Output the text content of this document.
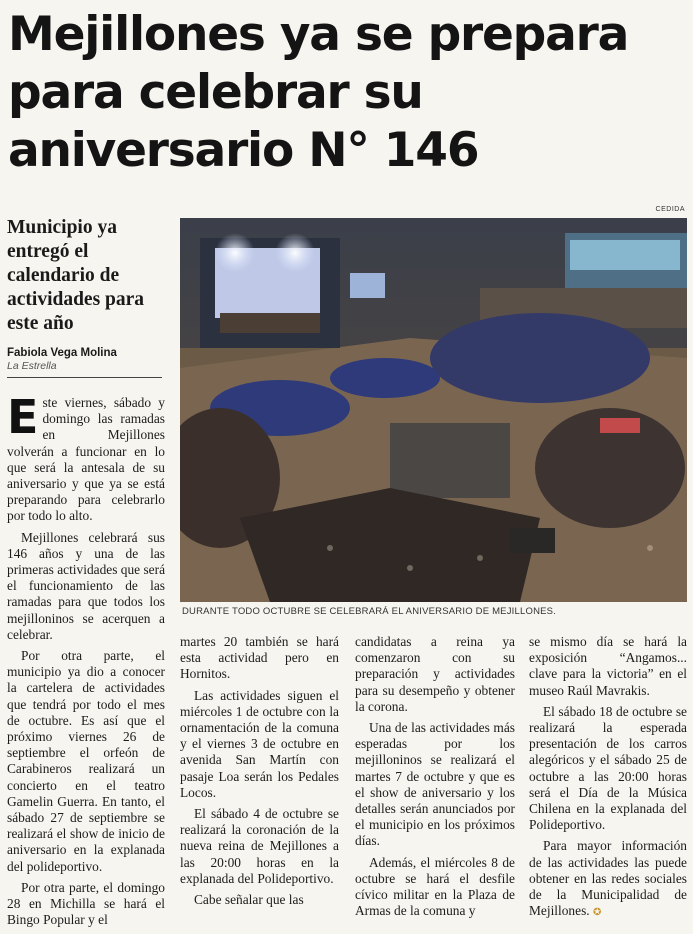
Mejillones ya se prepara para celebrar su aniversario N° 146
Municipio ya entregó el calendario de actividades para este año
Fabiola Vega Molina
La Estrella
CEDIDA
DURANTE TODO OCTUBRE SE CELEBRARÁ EL ANIVERSARIO DE MEJILLONES.

Este viernes, sábado y domingo las ramadas en Mejillones volverán a funcionar en lo que será la antesala de su aniversario y que ya se está preparando para celebrarlo por todo lo alto.

Mejillones celebrará sus 146 años y una de las primeras actividades que será el funcionamiento de las ramadas para que todos los mejilloninos se acerquen a celebrar.

Por otra parte, el municipio ya dio a conocer la cartelera de actividades que tendrá por todo el mes de octubre. Es así que el próximo viernes 26 de septiembre el orfeón de Carabineros realizará un concierto en el teatro Gamelin Guerra. En tanto, el sábado 27 de septiembre se realizará el show de inicio de aniversario en la explanada del polideportivo.

Por otra parte, el domingo 28 en Michilla se hará el Bingo Popular y el

martes 20 también se hará esta actividad pero en Hornitos.

Las actividades siguen el miércoles 1 de octubre con la ornamentación de la comuna y el viernes 3 de octubre en avenida San Martín con pasaje Loa serán los Pedales Locos.

El sábado 4 de octubre se realizará la coronación de la nueva reina de Mejillones a las 20:00 horas en la explanada del Polideportivo.

Cabe señalar que las

candidatas a reina ya comenzaron con su preparación y actividades para su desempeño y obtener la corona.

Una de las actividades más esperadas por los mejilloninos se realizará el martes 7 de octubre y que es el show de aniversario y los detalles serán anunciados por el municipio en los próximos días.

Además, el miércoles 8 de octubre se hará el desfile cívico militar en la Plaza de Armas de la comuna y

se mismo día se hará la exposición “Angamos... clave para la victoria” en el museo Raúl Mavrakis.

El sábado 18 de octubre se realizará la esperada presentación de los carros alegóricos y el sábado 25 de octubre a las 20:00 horas será el Día de la Música Chilena en la explanada del Polideportivo.

Para mayor información de las actividades las puede obtener en las redes sociales de la Municipalidad de Mejillones. ✪
